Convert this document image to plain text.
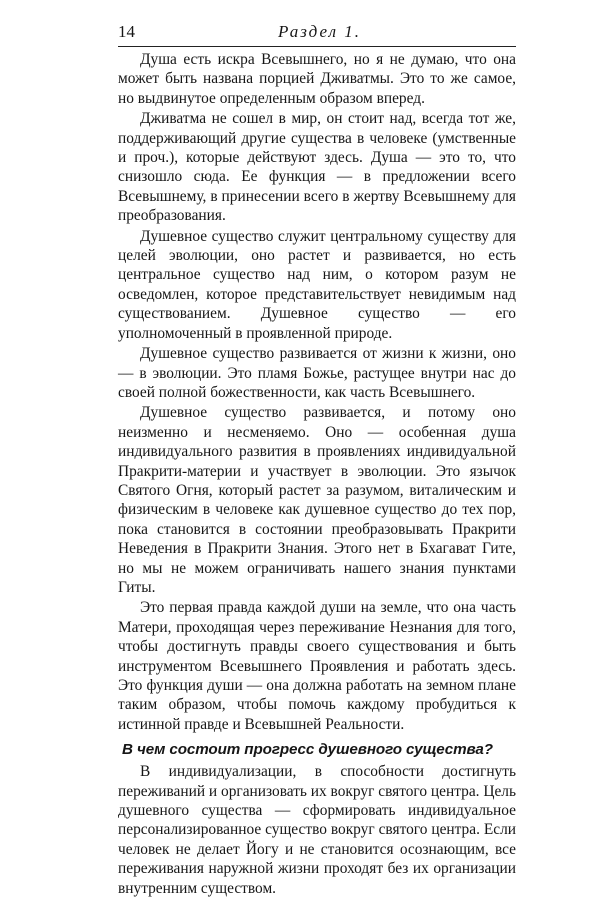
14	Раздел 1.

Душа есть искра Всевышнего, но я не думаю, что она может быть названа порцией Дживатмы. Это то же самое, но выдвинутое определенным образом вперед.

Дживатма не сошел в мир, он стоит над, всегда тот же, поддерживающий другие существа в человеке (умственные и проч.), которые действуют здесь. Душа — это то, что снизошло сюда. Ее функция — в предложении всего Всевышнему, в принесении всего в жертву Всевышнему для преобразования.

Душевное существо служит центральному существу для целей эволюции, оно растет и развивается, но есть центральное существо над ним, о котором разум не осведомлен, которое представительствует невидимым над существованием. Душевное существо — его уполномоченный в проявленной природе.

Душевное существо развивается от жизни к жизни, оно — в эволюции. Это пламя Божье, растущее внутри нас до своей полной божественности, как часть Всевышнего.

Душевное существо развивается, и потому оно неизменно и несменяемо. Оно — особенная душа индивидуального развития в проявлениях индивидуальной Пракрити-материи и участвует в эволюции. Это язычок Святого Огня, который растет за разумом, виталическим и физическим в человеке как душевное существо до тех пор, пока становится в состоянии преобразовывать Пракрити Неведения в Пракрити Знания. Этого нет в Бхагават Гите, но мы не можем ограничивать нашего знания пунктами Гиты.

Это первая правда каждой души на земле, что она часть Матери, проходящая через переживание Незнания для того, чтобы достигнуть правды своего существования и быть инструментом Всевышнего Проявления и работать здесь. Это функция души — она должна работать на земном плане таким образом, чтобы помочь каждому пробудиться к истинной правде и Всевышней Реальности.

В чем состоит прогресс душевного существа?

В индивидуализации, в способности достигнуть переживаний и организовать их вокруг святого центра. Цель душевного существа — сформировать индивидуальное персонализированное существо вокруг святого центра. Если человек не делает Йогу и не становится осознающим, все переживания наружной жизни проходят без их организации внутренним существом.
